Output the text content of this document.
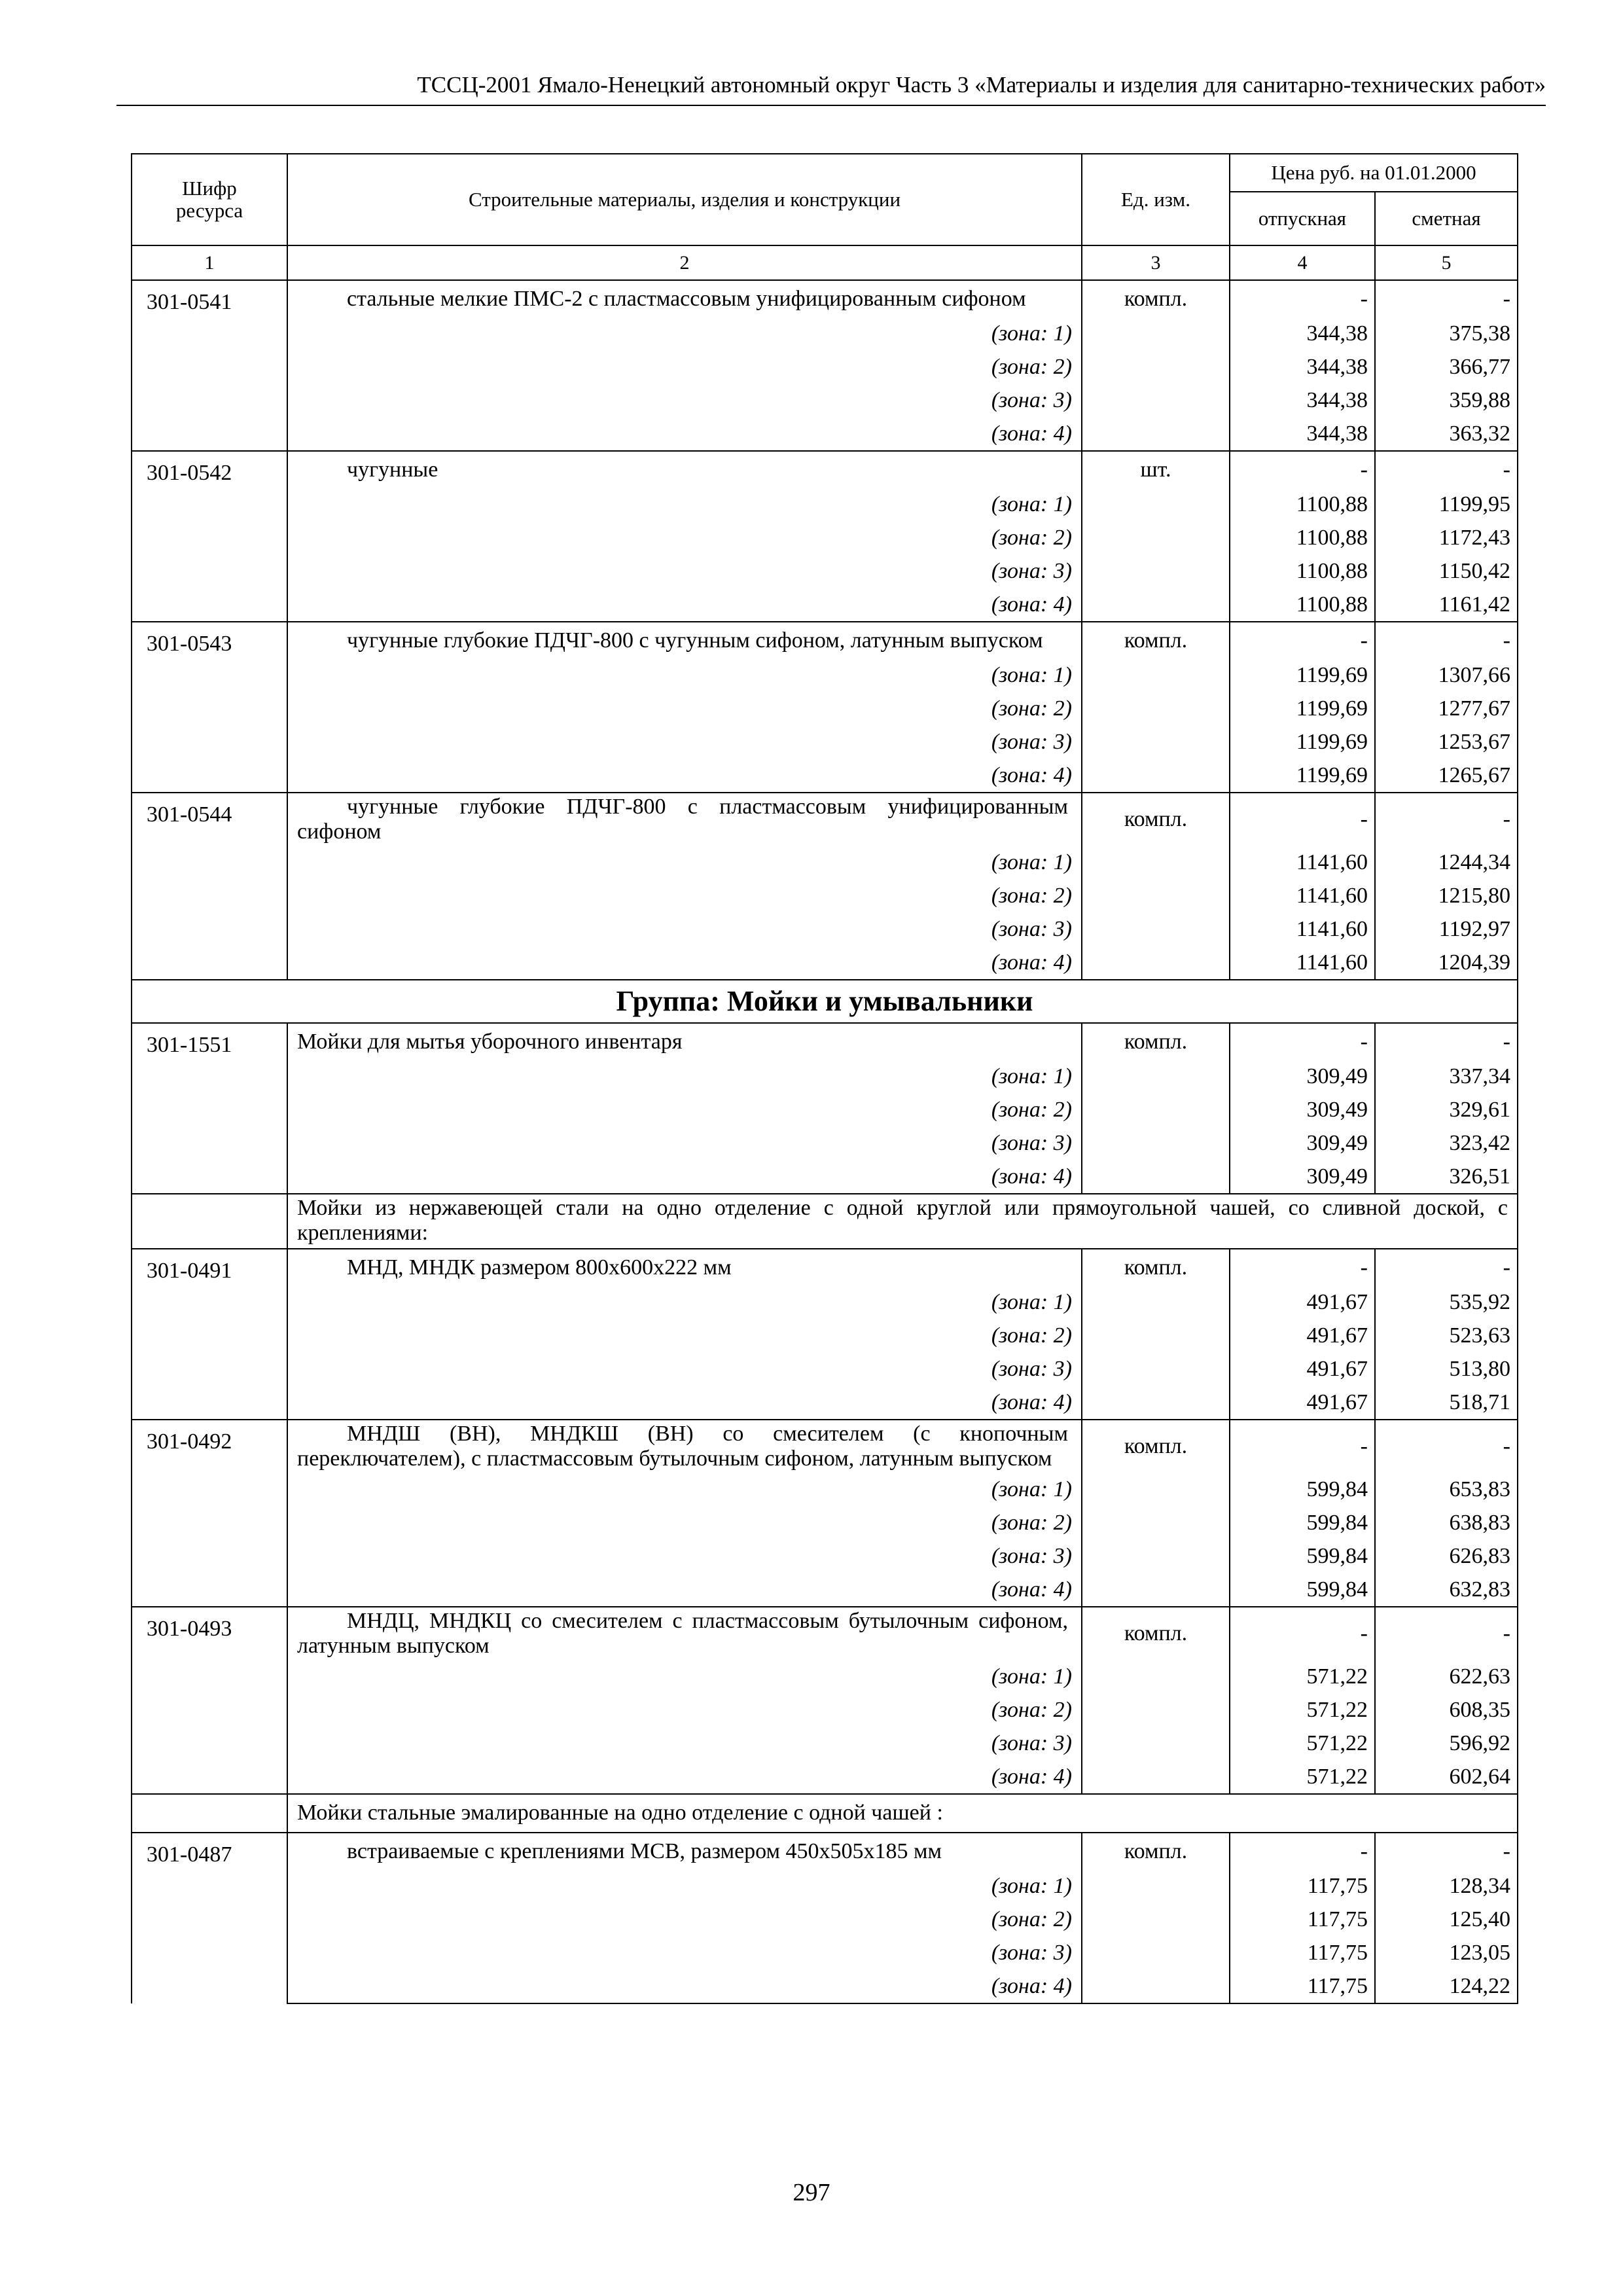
ТССЦ-2001 Ямало-Ненецкий автономный округ Часть 3 «Материалы и изделия для санитарно-технических работ»
Шифр ресурса	Строительные материалы, изделия и конструкции	Ед. изм.	Цена руб. на 01.01.2000	
			отпускная	сметная
1	2	3	4	5
301-0541	стальные мелкие ПМС-2 с пластмассовым унифицированным сифоном	компл.	-	-
	(зона: 1)		344,38	375,38
	(зона: 2)		344,38	366,77
	(зона: 3)		344,38	359,88
	(зона: 4)		344,38	363,32
301-0542	чугунные	шт.	-	-
	(зона: 1)		1100,88	1199,95
	(зона: 2)		1100,88	1172,43
	(зона: 3)		1100,88	1150,42
	(зона: 4)		1100,88	1161,42
301-0543	чугунные глубокие ПДЧГ-800 с чугунным сифоном, латунным выпуском	компл.	-	-
	(зона: 1)		1199,69	1307,66
	(зона: 2)		1199,69	1277,67
	(зона: 3)		1199,69	1253,67
	(зона: 4)		1199,69	1265,67
301-0544	чугунные глубокие ПДЧГ-800 с пластмассовым унифицированным сифоном	компл.	-	-
	(зона: 1)		1141,60	1244,34
	(зона: 2)		1141,60	1215,80
	(зона: 3)		1141,60	1192,97
	(зона: 4)		1141,60	1204,39
Группа: Мойки и умывальники				
301-1551	Мойки для мытья уборочного инвентаря	компл.	-	-
	(зона: 1)		309,49	337,34
	(зона: 2)		309,49	329,61
	(зона: 3)		309,49	323,42
	(зона: 4)		309,49	326,51
	Мойки из нержавеющей стали на одно отделение с одной круглой или прямоугольной чашей, со сливной доской, с креплениями:			
301-0491	МНД, МНДК размером 800х600х222 мм	компл.	-	-
	(зона: 1)		491,67	535,92
	(зона: 2)		491,67	523,63
	(зона: 3)		491,67	513,80
	(зона: 4)		491,67	518,71
301-0492	МНДШ (ВН), МНДКШ (ВН) со смесителем (с кнопочным переключателем), с пластмассовым бутылочным сифоном, латунным выпуском	компл.	-	-
	(зона: 1)		599,84	653,83
	(зона: 2)		599,84	638,83
	(зона: 3)		599,84	626,83
	(зона: 4)		599,84	632,83
301-0493	МНДЦ, МНДКЦ со смесителем с пластмассовым бутылочным сифоном, латунным выпуском	компл.	-	-
	(зона: 1)		571,22	622,63
	(зона: 2)		571,22	608,35
	(зона: 3)		571,22	596,92
	(зона: 4)		571,22	602,64
	Мойки стальные эмалированные на одно отделение с одной чашей :			
301-0487	встраиваемые с креплениями МСВ, размером 450х505х185 мм	компл.	-	-
	(зона: 1)		117,75	128,34
	(зона: 2)		117,75	125,40
	(зона: 3)		117,75	123,05
	(зона: 4)		117,75	124,22
297
